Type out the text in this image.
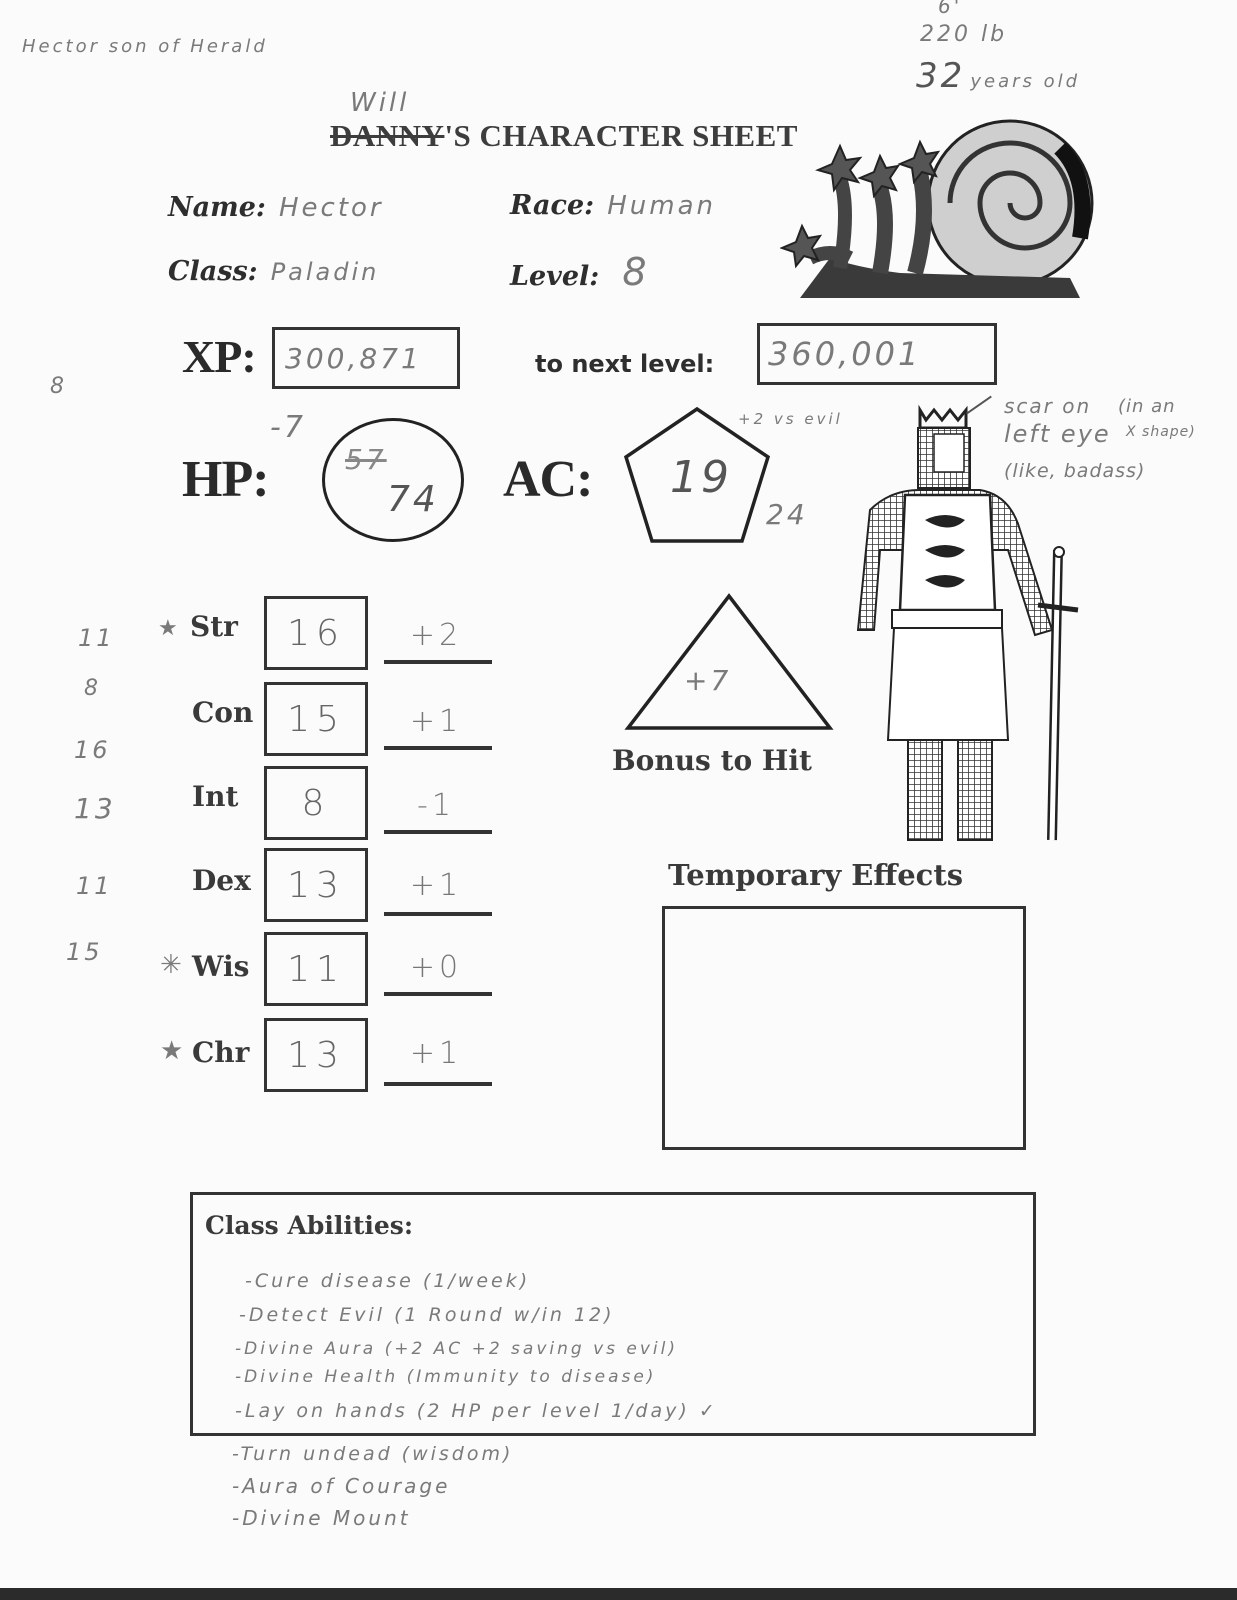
Hector son of Herald
6'
220 lb
32 years old
8
Will
DANNY'S CHARACTER SHEET
Name: Hector	Race: Human
Class: Paladin	Level: 8
XP: 300,871	to next level: 360,001
-7
HP:	57
74 AC: 19
+2 vs evil
24
+7
Bonus to Hit
scar on
left eye
(like, badass)
(in an
X shape)
11 ★ Str 16	+2
8
Con 15	+1
16
Int 8	-1
13
Dex 13	+1
11
✳ Wis 11	+0
★ Chr 13	+1
15
Temporary Effects
Class Abilities:
-Cure disease (1/week)
-Detect Evil (1 Round w/in 12)
-Divine Aura (+2 AC +2 saving vs evil)
-Divine Health (Immunity to disease)
-Lay on hands (2 HP per level 1/day) ✓
-Turn undead (wisdom)
-Aura of Courage
-Divine Mount
